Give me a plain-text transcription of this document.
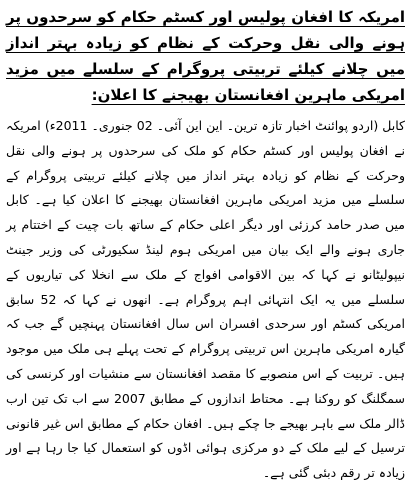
امریکہ کا افغان پولیس اور کسٹم حکام کو سرحدوں پر ہونے والی نقل وحرکت کے نظام کو زیادہ بہتر انداز میں چلانے کیلئے تربیتی پروگرام کے سلسلے میں مزید امریکی ماہرین افغانستان بھیجنے کا اعلان:

کابل (اردو پوائنٹ اخبار تازہ ترین۔ این این آئی۔ 02 جنوری۔ 2011ء) امریکہ نے افغان پولیس اور کسٹم حکام کو ملک کی سرحدوں پر ہونے والی نقل وحرکت کے نظام کو زیادہ بہتر انداز میں چلانے کیلئے تربیتی پروگرام کے سلسلے میں مزید امریکی ماہرین افغانستان بھیجنے کا اعلان کیا ہے۔ کابل میں صدر حامد کرزئی اور دیگر اعلی حکام کے ساتھ بات چیت کے اختتام پر جاری ہونے والے ایک بیان میں امریکی ہوم لینڈ سکیورٹی کی وزیر جینٹ نیپولیٹانو نے کہا کہ بین الاقوامی افواج کے ملک سے انخلا کی تیاریوں کے سلسلے میں یہ ایک انتہائی اہم پروگرام ہے۔ انھوں نے کہا کہ 52 سابق امریکی کسٹم اور سرحدی افسران اس سال افغانستان پہنچیں گے جب کہ گیارہ امریکی ماہرین اس تربیتی پروگرام کے تحت پہلے ہی ملک میں موجود ہیں۔ تربیت کے اس منصوبے کا مقصد افغانستان سے منشیات اور کرنسی کی سمگلنگ کو روکنا ہے۔ محتاط اندازوں کے مطابق 2007 سے اب تک تین ارب ڈالر ملک سے باہر بھیجے جا چکے ہیں۔ افغان حکام کے مطابق اس غیر قانونی ترسیل کے لیے ملک کے دو مرکزی ہوائی اڈوں کو استعمال کیا جا رہا ہے اور زیادہ تر رقم دبئی گئی ہے۔
